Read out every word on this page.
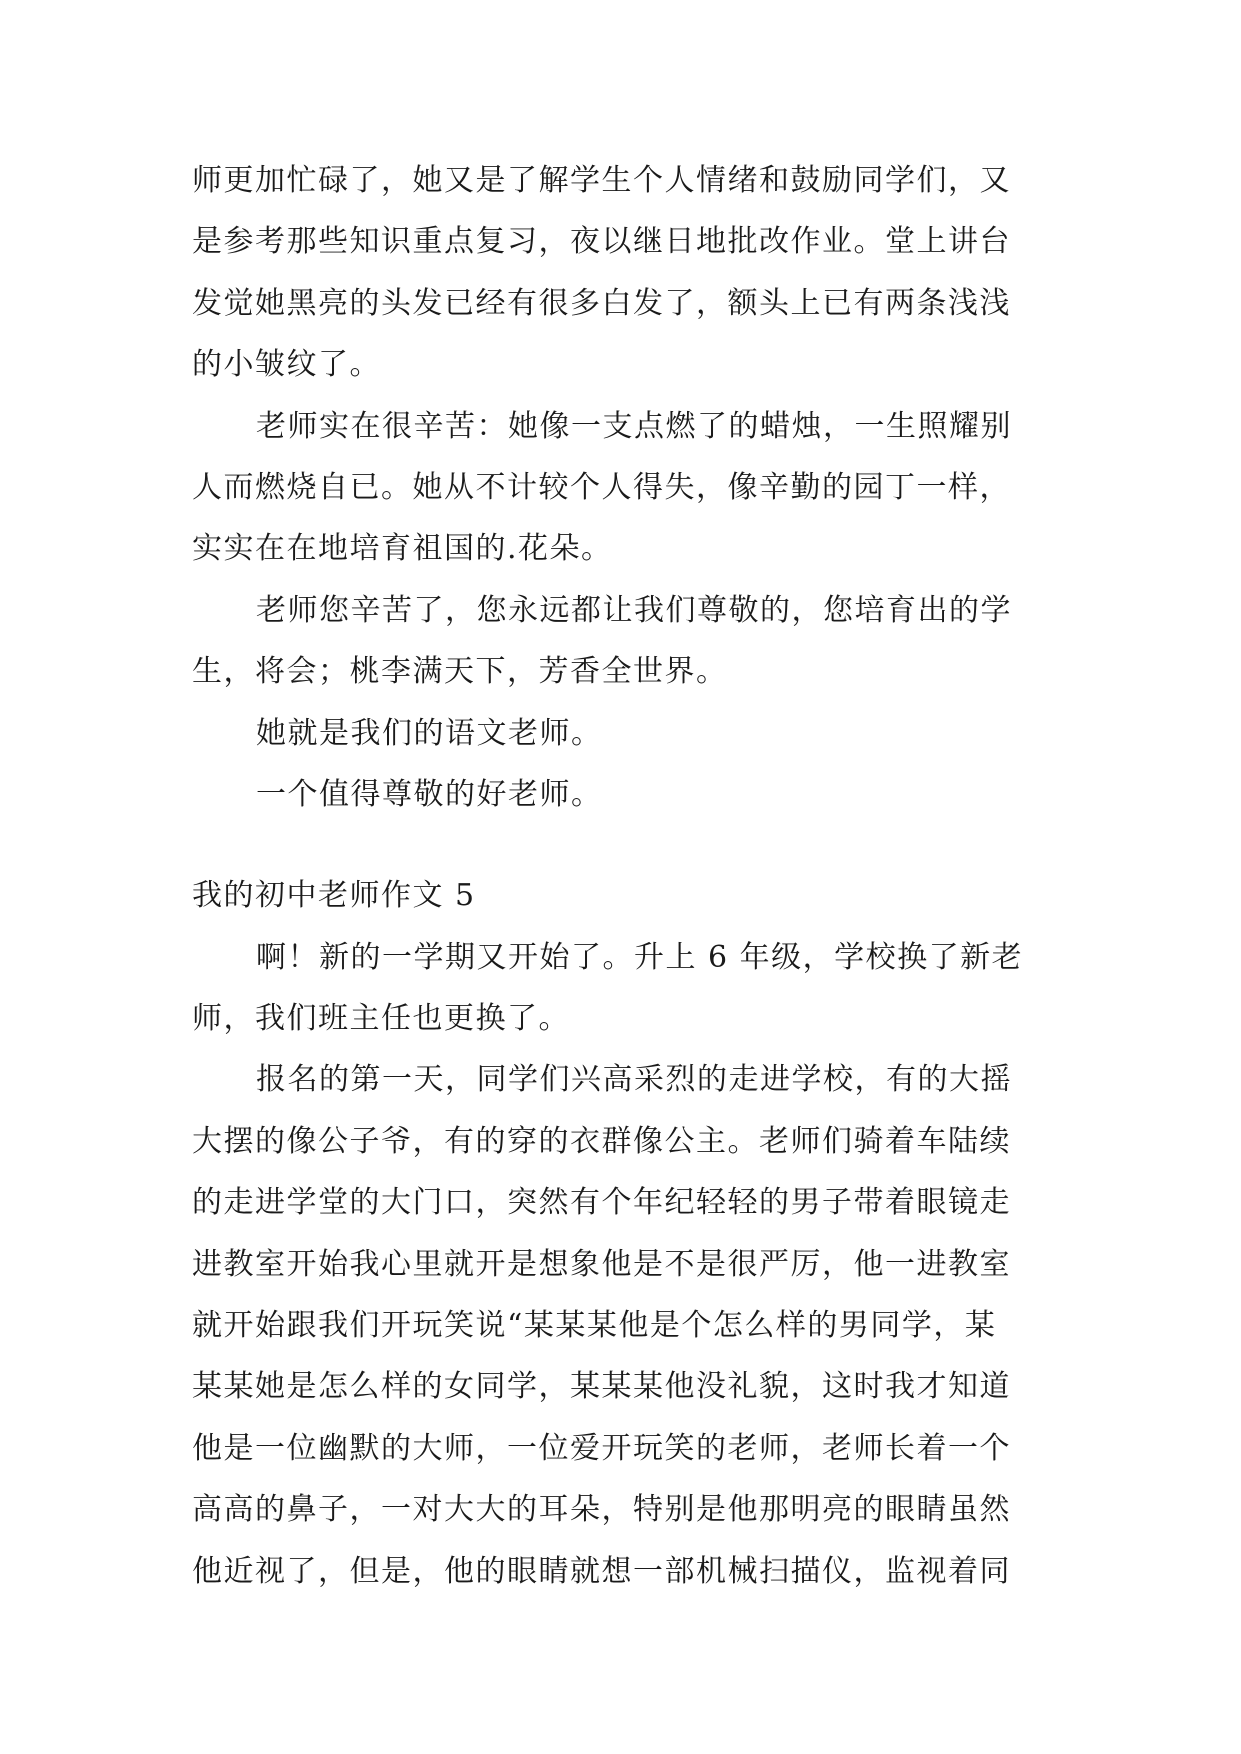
师更加忙碌了，她又是了解学生个人情绪和鼓励同学们，又
是参考那些知识重点复习，夜以继日地批改作业。堂上讲台
发觉她黑亮的头发已经有很多白发了，额头上已有两条浅浅
的小皱纹了。
老师实在很辛苦：她像一支点燃了的蜡烛，一生照耀别
人而燃烧自已。她从不计较个人得失，像辛勤的园丁一样，
实实在在地培育祖国的.花朵。
老师您辛苦了，您永远都让我们尊敬的，您培育出的学
生，将会；桃李满天下，芳香全世界。
她就是我们的语文老师。
一个值得尊敬的好老师。
我的初中老师作文 5
啊！新的一学期又开始了。升上 6 年级，学校换了新老
师，我们班主任也更换了。
报名的第一天，同学们兴高采烈的走进学校，有的大摇
大摆的像公子爷，有的穿的衣群像公主。老师们骑着车陆续
的走进学堂的大门口，突然有个年纪轻轻的男子带着眼镜走
进教室开始我心里就开是想象他是不是很严厉，他一进教室
就开始跟我们开玩笑说“某某某他是个怎么样的男同学，某
某某她是怎么样的女同学，某某某他没礼貌，这时我才知道
他是一位幽默的大师，一位爱开玩笑的老师，老师长着一个
高高的鼻子，一对大大的耳朵，特别是他那明亮的眼睛虽然
他近视了，但是，他的眼睛就想一部机械扫描仪，监视着同
